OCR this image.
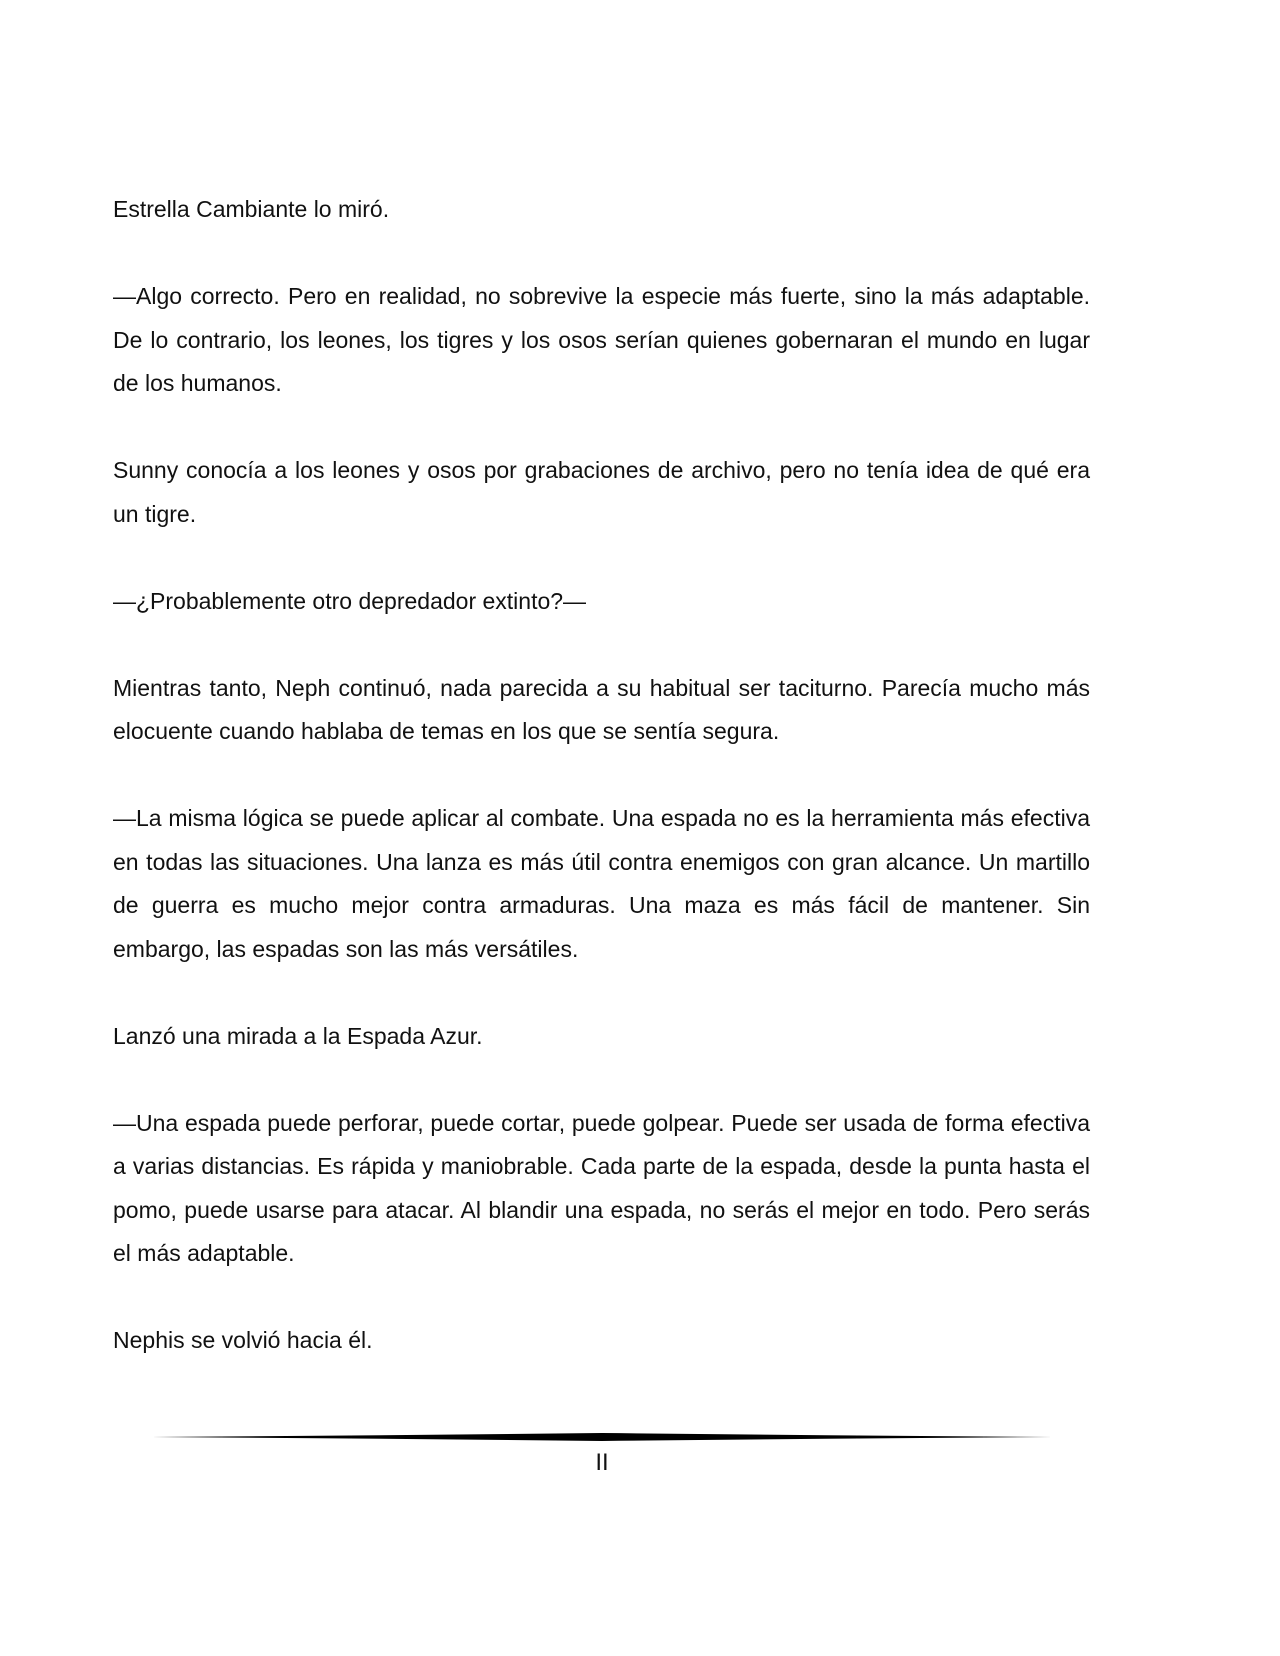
Estrella Cambiante lo miró.

—Algo correcto. Pero en realidad, no sobrevive la especie más fuerte, sino la más adaptable. De lo contrario, los leones, los tigres y los osos serían quienes gobernaran el mundo en lugar de los humanos.

Sunny conocía a los leones y osos por grabaciones de archivo, pero no tenía idea de qué era un tigre.

—¿Probablemente otro depredador extinto?—

Mientras tanto, Neph continuó, nada parecida a su habitual ser taciturno. Parecía mucho más elocuente cuando hablaba de temas en los que se sentía segura.

—La misma lógica se puede aplicar al combate. Una espada no es la herramienta más efectiva en todas las situaciones. Una lanza es más útil contra enemigos con gran alcance. Un martillo de guerra es mucho mejor contra armaduras. Una maza es más fácil de mantener. Sin embargo, las espadas son las más versátiles.

Lanzó una mirada a la Espada Azur.

—Una espada puede perforar, puede cortar, puede golpear. Puede ser usada de forma efectiva a varias distancias. Es rápida y maniobrable. Cada parte de la espada, desde la punta hasta el pomo, puede usarse para atacar. Al blandir una espada, no serás el mejor en todo. Pero serás el más adaptable.

Nephis se volvió hacia él.

II
